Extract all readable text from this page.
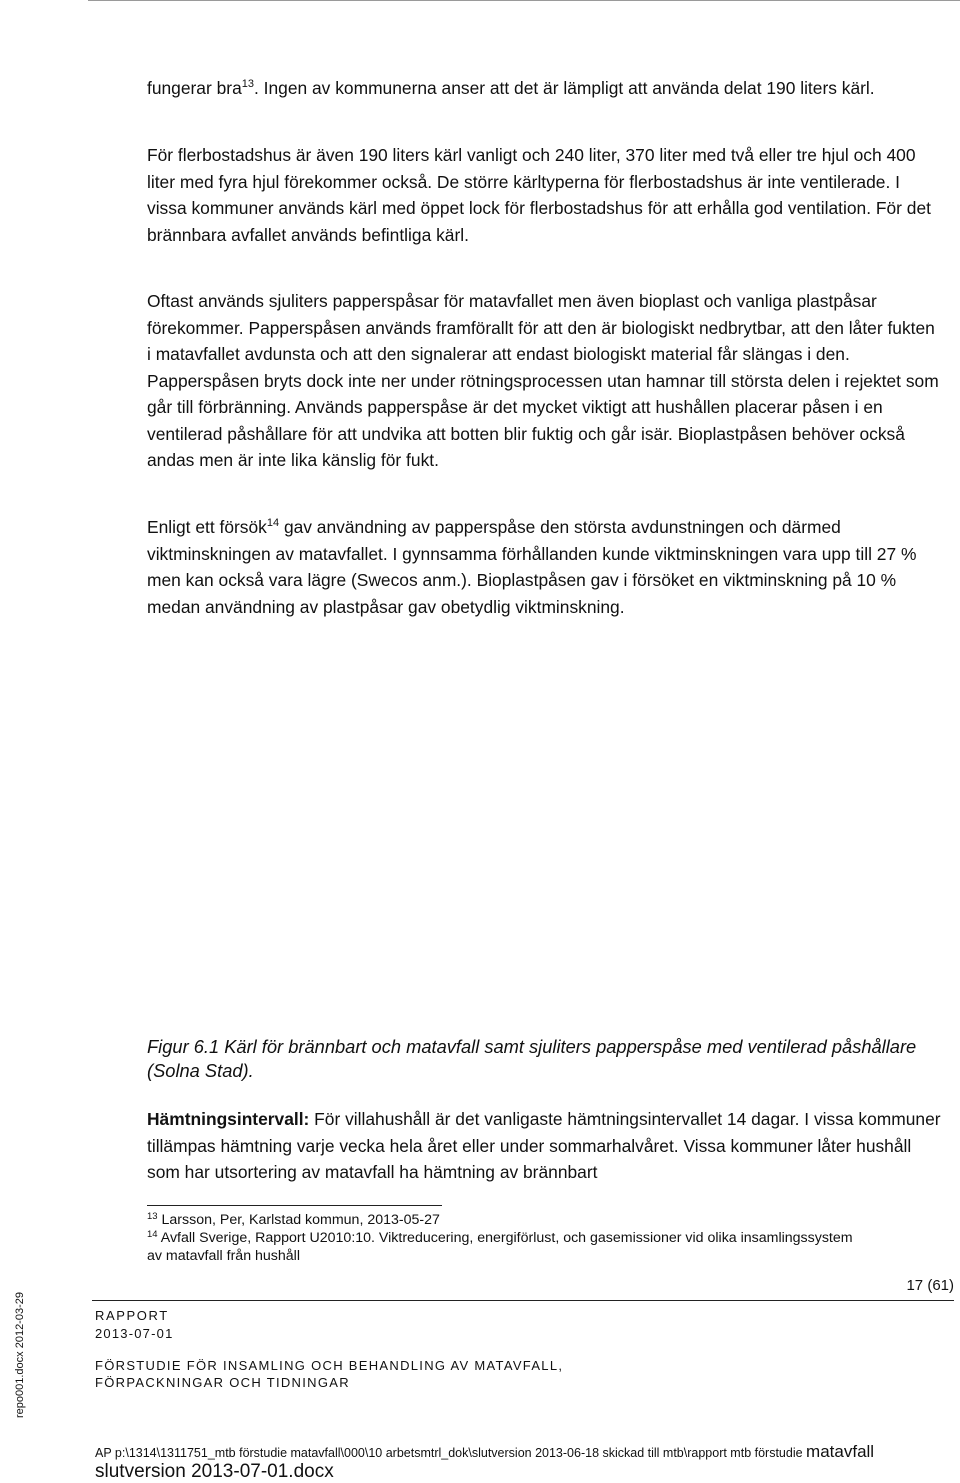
fungerar bra$^{13}$. Ingen av kommunerna anser att det är lämpligt att använda delat 190 liters kärl.

För flerbostadshus är även 190 liters kärl vanligt och 240 liter, 370 liter med två eller tre hjul och 400 liter med fyra hjul förekommer också. De större kärltyperna för flerbostadshus är inte ventilerade. I vissa kommuner används kärl med öppet lock för flerbostadshus för att erhålla god ventilation. För det brännbara avfallet används befintliga kärl.

Oftast används sjuliters papperspåsar för matavfallet men även bioplast och vanliga plastpåsar förekommer. Papperspåsen används framförallt för att den är biologiskt nedbrytbar, att den låter fukten i matavfallet avdunsta och att den signalerar att endast biologiskt material får slängas i den. Papperspåsen bryts dock inte ner under rötningsprocessen utan hamnar till största delen i rejektet som går till förbränning. Används papperspåse är det mycket viktigt att hushållen placerar påsen i en ventilerad påshållare för att undvika att botten blir fuktig och går isär. Bioplastpåsen behöver också andas men är inte lika känslig för fukt.

Enligt ett försök$^{14}$ gav användning av papperspåse den största avdunstningen och därmed viktminskningen av matavfallet. I gynnsamma förhållanden kunde viktminskningen vara upp till 27 % men kan också vara lägre (Swecos anm.). Bioplastpåsen gav i försöket en viktminskning på 10 % medan användning av plastpåsar gav obetydlig viktminskning.

Figur 6.1 Kärl för brännbart och matavfall samt sjuliters papperspåse med ventilerad påshållare (Solna Stad).

Hämtningsintervall: För villahushåll är det vanligaste hämtningsintervallet 14 dagar. I vissa kommuner tillämpas hämtning varje vecka hela året eller under sommarhalvåret. Vissa kommuner låter hushåll som har utsortering av matavfall ha hämtning av brännbart

$^{13}$ Larsson, Per, Karlstad kommun, 2013-05-27

$^{14}$ Avfall Sverige, Rapport U2010:10. Viktreducering, energiförlust, och gasemissioner vid olika insamlingssystem av matavfall från hushåll

17 (61)
repo001.docx 2012-03-29	RAPPORT
2013-07-01
FÖRSTUDIE FÖR INSAMLING OCH BEHANDLING AV MATAVFALL,
FÖRPACKNINGAR OCH TIDNINGAR
AP p:\1314\1311751_mtb förstudie matavfall\000\10 arbetsmtrl_dok\slutversion 2013-06-18 skickad till mtb\rapport mtb förstudie matavfall
slutversion 2013-07-01.docx
